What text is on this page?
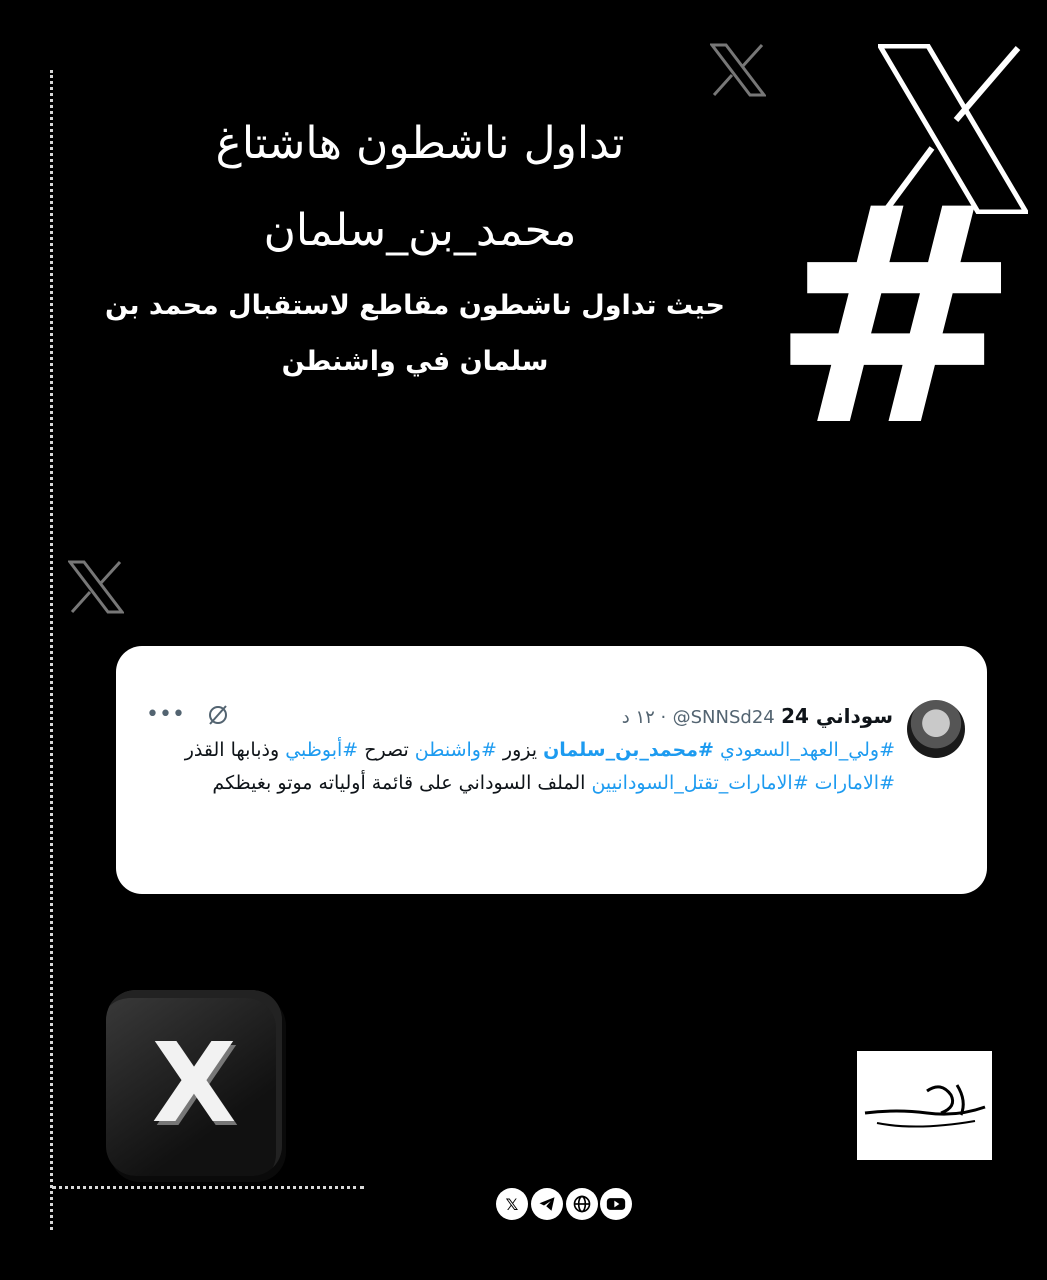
تداول ناشطون هاشتاغ
محمد_بن_سلمان
حيث تداول ناشطون مقاطع لاستقبال محمد بن سلمان في واشنطن #
سوداني 24 SNNSd24@ · ١٢ د
•••
#ولي_العهد_السعودي #محمد_بن_سلمان يزور #واشنطن تصرح #أبوظبي وذبابها القذر #الامارات #الامارات_تقتل_السودانيين الملف السوداني على قائمة أولياته موتو بغيظكم
X
𝕏
